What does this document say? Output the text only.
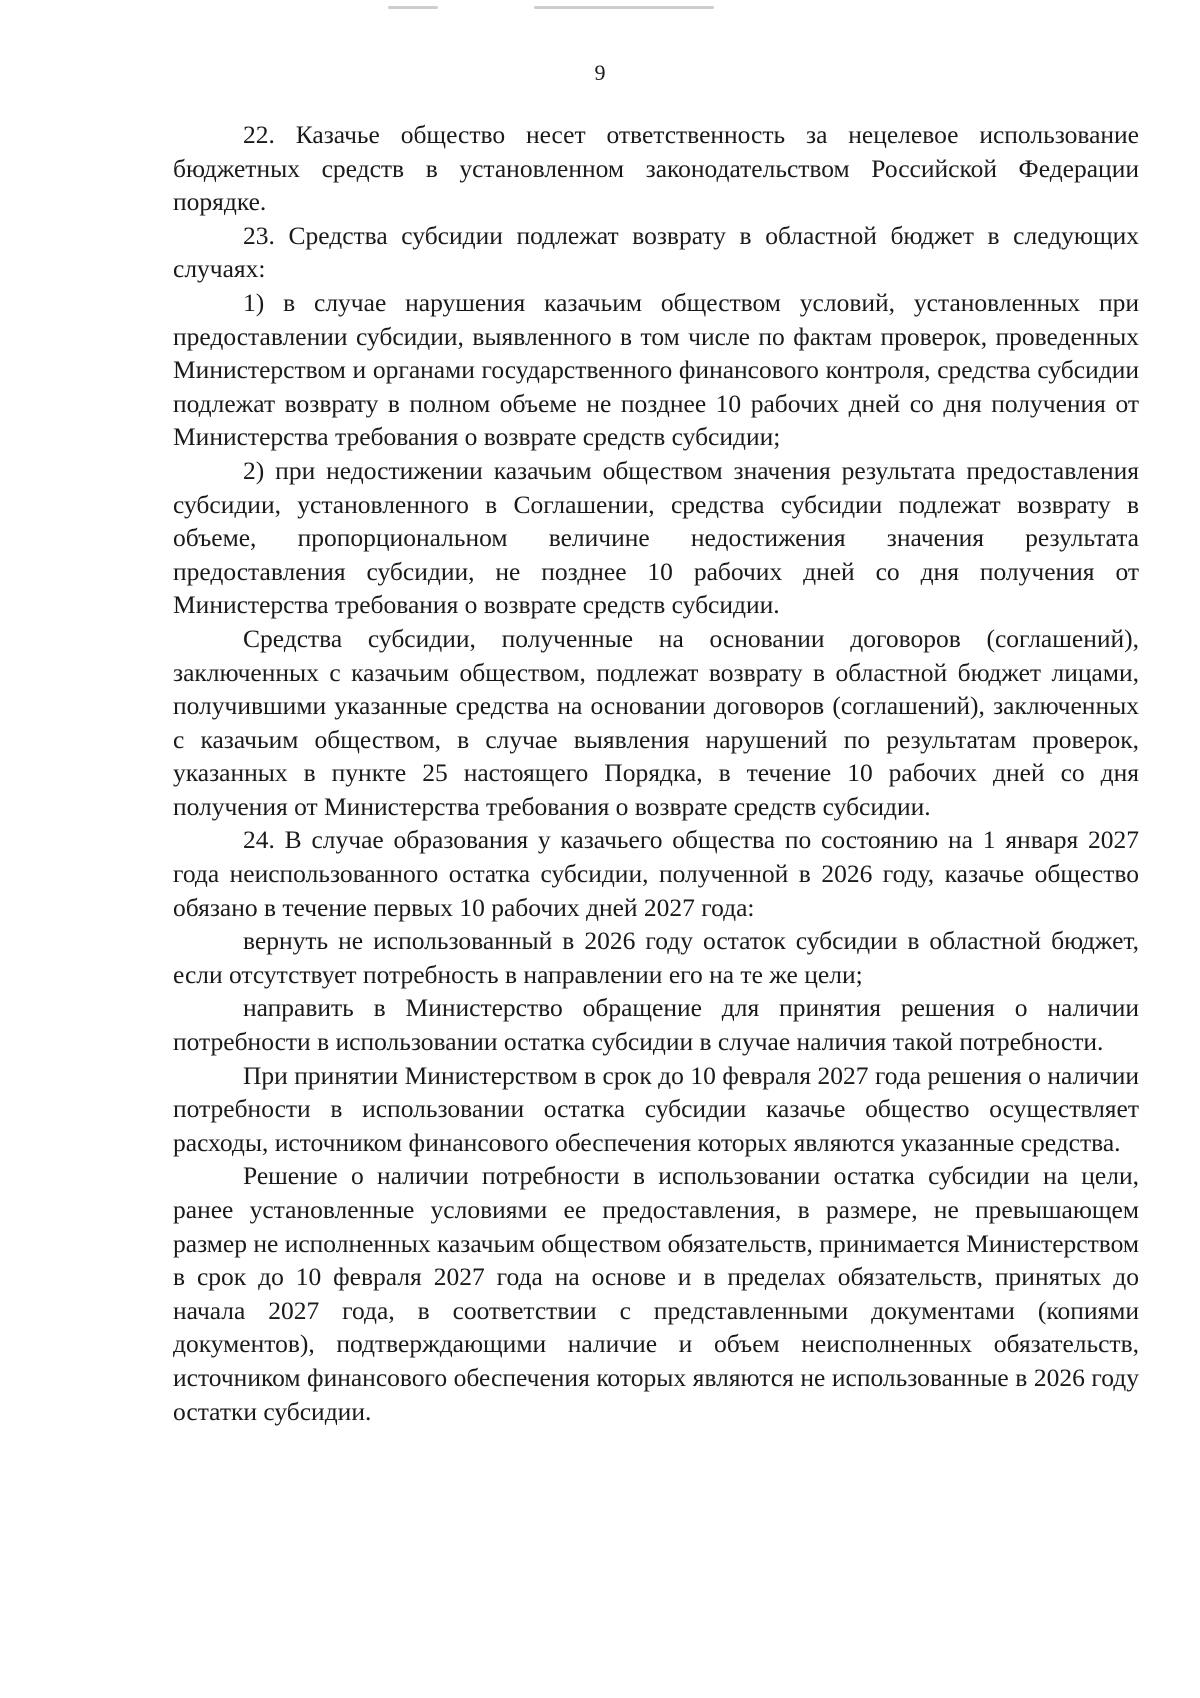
9

22. Казачье общество несет ответственность за нецелевое использование бюджетных средств в установленном законодательством Российской Федерации порядке.

23. Средства субсидии подлежат возврату в областной бюджет в следующих случаях:

1) в случае нарушения казачьим обществом условий, установленных при предоставлении субсидии, выявленного в том числе по фактам проверок, проведенных Министерством и органами государственного финансового контроля, средства субсидии подлежат возврату в полном объеме не позднее 10 рабочих дней со дня получения от Министерства требования о возврате средств субсидии;

2) при недостижении казачьим обществом значения результата предоставления субсидии, установленного в Соглашении, средства субсидии подлежат возврату в объеме, пропорциональном величине недостижения значения результата предоставления субсидии, не позднее 10 рабочих дней со дня получения от Министерства требования о возврате средств субсидии.

Средства субсидии, полученные на основании договоров (соглашений), заключенных с казачьим обществом, подлежат возврату в областной бюджет лицами, получившими указанные средства на основании договоров (соглашений), заключенных с казачьим обществом, в случае выявления нарушений по результатам проверок, указанных в пункте 25 настоящего Порядка, в течение 10 рабочих дней со дня получения от Министерства требования о возврате средств субсидии.

24. В случае образования у казачьего общества по состоянию на 1 января 2027 года неиспользованного остатка субсидии, полученной в 2026 году, казачье общество обязано в течение первых 10 рабочих дней 2027 года:

вернуть не использованный в 2026 году остаток субсидии в областной бюджет, если отсутствует потребность в направлении его на те же цели;

направить в Министерство обращение для принятия решения о наличии потребности в использовании остатка субсидии в случае наличия такой потребности.

При принятии Министерством в срок до 10 февраля 2027 года решения о наличии потребности в использовании остатка субсидии казачье общество осуществляет расходы, источником финансового обеспечения которых являются указанные средства.

Решение о наличии потребности в использовании остатка субсидии на цели, ранее установленные условиями ее предоставления, в размере, не превышающем размер не исполненных казачьим обществом обязательств, принимается Министерством в срок до 10 февраля 2027 года на основе и в пределах обязательств, принятых до начала 2027 года, в соответствии с представленными документами (копиями документов), подтверждающими наличие и объем неисполненных обязательств, источником финансового обеспечения которых являются не использованные в 2026 году остатки субсидии.
